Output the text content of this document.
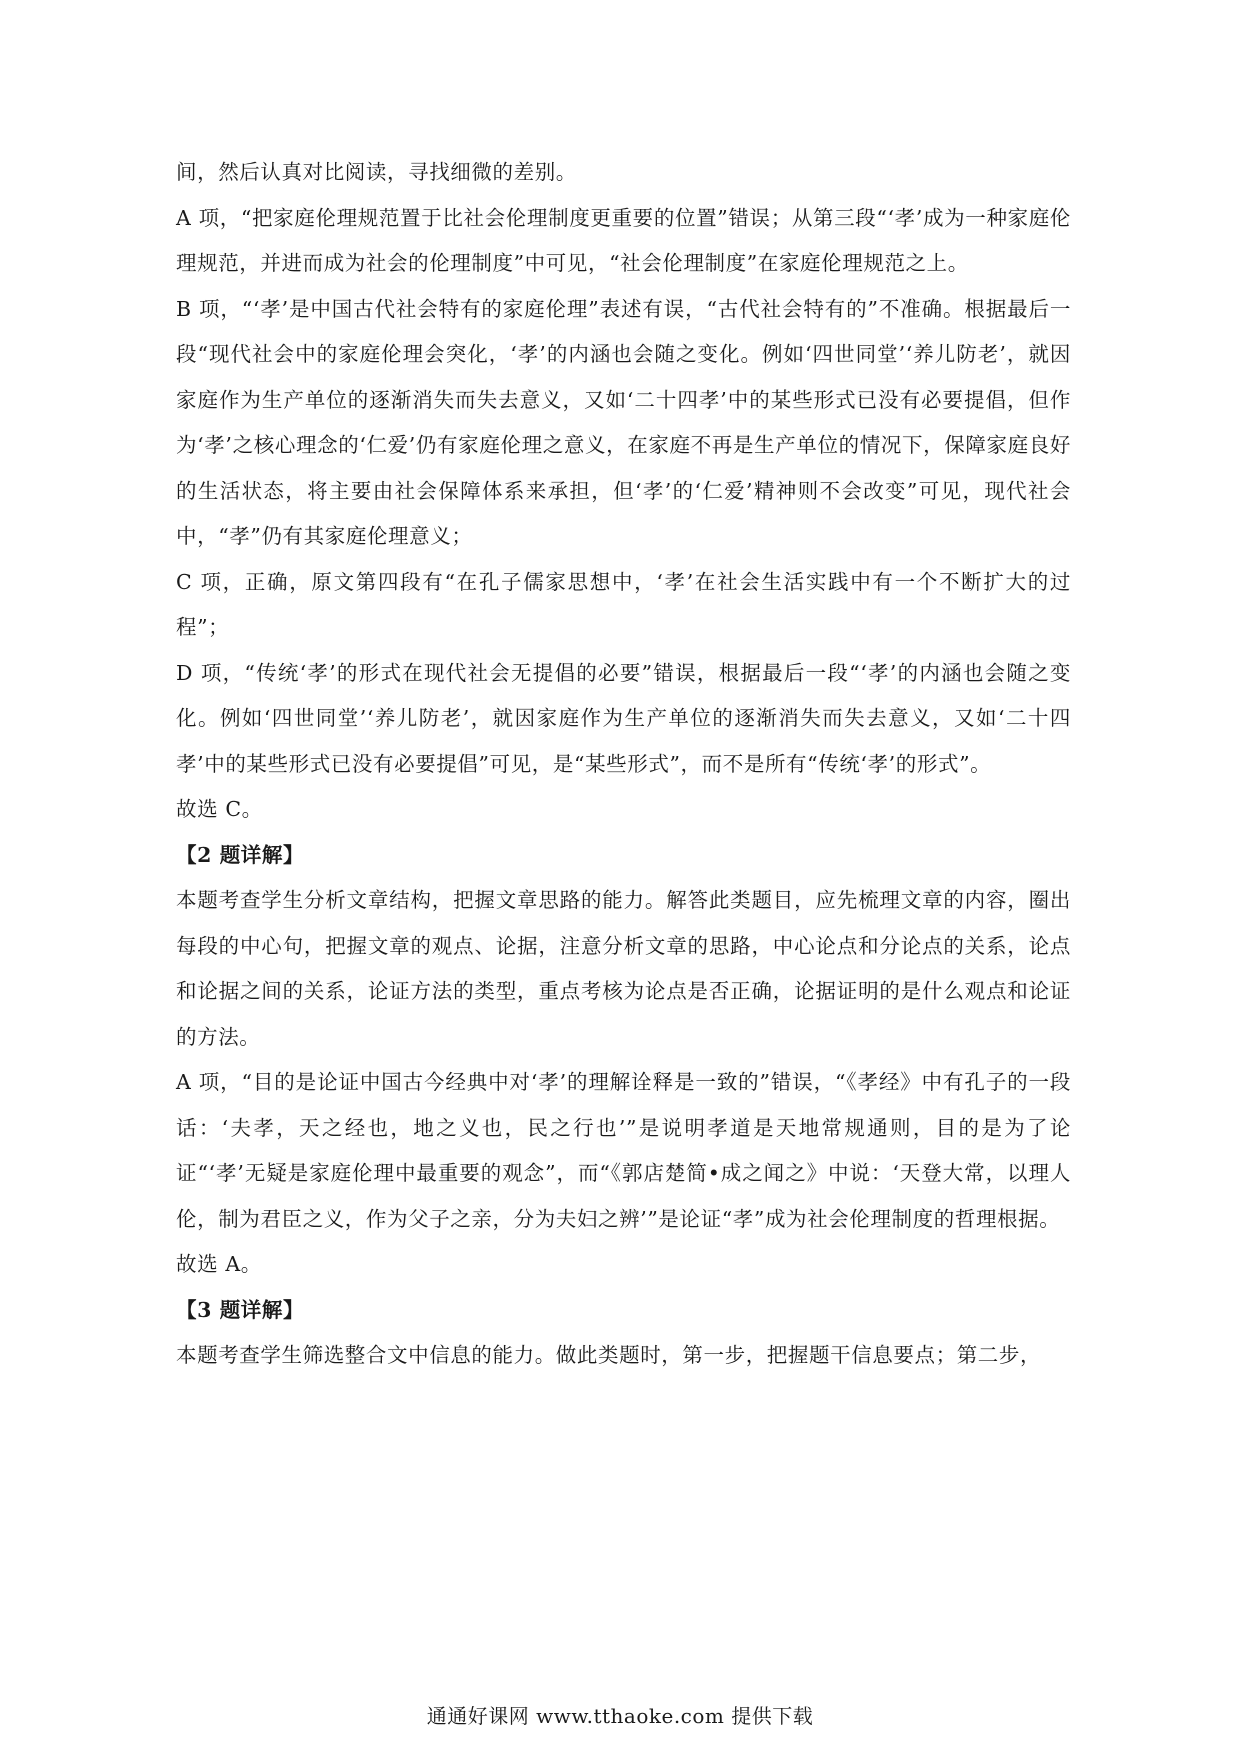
间，然后认真对比阅读，寻找细微的差别。

A 项，“把家庭伦理规范置于比社会伦理制度更重要的位置”错误；从第三段“‘孝’成为一种家庭伦理规范，并进而成为社会的伦理制度”中可见，“社会伦理制度”在家庭伦理规范之上。

B 项，“‘孝’是中国古代社会特有的家庭伦理”表述有误，“古代社会特有的”不准确。根据最后一段“现代社会中的家庭伦理会突化，‘孝’的内涵也会随之变化。例如‘四世同堂’‘养儿防老’，就因家庭作为生产单位的逐渐消失而失去意义，又如‘二十四孝’中的某些形式已没有必要提倡，但作为‘孝’之核心理念的‘仁爱’仍有家庭伦理之意义，在家庭不再是生产单位的情况下，保障家庭良好的生活状态，将主要由社会保障体系来承担，但‘孝’的‘仁爱’精神则不会改变”可见，现代社会中，“孝”仍有其家庭伦理意义；

C 项，正确，原文第四段有“在孔子儒家思想中，‘孝’在社会生活实践中有一个不断扩大的过程”；

D 项，“传统‘孝’的形式在现代社会无提倡的必要”错误，根据最后一段“‘孝’的内涵也会随之变化。例如‘四世同堂’‘养儿防老’，就因家庭作为生产单位的逐渐消失而失去意义，又如‘二十四孝’中的某些形式已没有必要提倡”可见，是“某些形式”，而不是所有“传统‘孝’的形式”。

故选 C。

【2 题详解】

本题考查学生分析文章结构，把握文章思路的能力。解答此类题目，应先梳理文章的内容，圈出每段的中心句，把握文章的观点、论据，注意分析文章的思路，中心论点和分论点的关系，论点和论据之间的关系，论证方法的类型，重点考核为论点是否正确，论据证明的是什么观点和论证的方法。

A 项，“目的是论证中国古今经典中对‘孝’的理解诠释是一致的”错误，“《孝经》中有孔子的一段话：‘夫孝，天之经也，地之义也，民之行也’”是说明孝道是天地常规通则，目的是为了论证“‘孝’无疑是家庭伦理中最重要的观念”，而“《郭店楚简•成之闻之》中说：‘天登大常，以理人伦，制为君臣之义，作为父子之亲，分为夫妇之辨’”是论证“孝”成为社会伦理制度的哲理根据。

故选 A。

【3 题详解】

本题考查学生筛选整合文中信息的能力。做此类题时，第一步，把握题干信息要点；第二步，

通通好课网 www.tthaoke.com 提供下载
